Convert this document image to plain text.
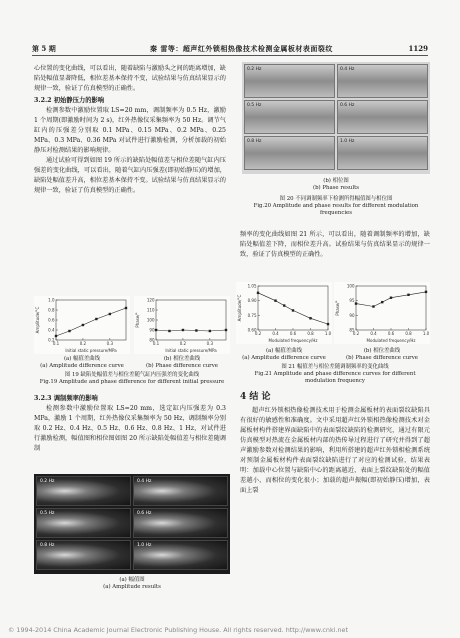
第 5 期	秦 雷等：超声红外锁相热像技术检测金属板材表面裂纹	1129

心位置的变化曲线，可以看出，随着缺陷与激励头之间的距离增加，缺陷处幅值显著降低，相位差基本保持不变，试验结果与仿真结果显示的规律一致，验证了仿真模型的正确性。

3.2.2 初始静压力的影响

检测参数中激励位置取 LS=20 mm，调制频率为 0.5 Hz，激励 1 个周期(即激励时间为 2 s)，红外热像仪采集频率为 50 Hz。调节气缸内的压强差分别取 0.1 MPa、0.15 MPa、0.2 MPa、0.25 MPa、0.3 MPa、0.36 MPa 对试件进行激励检测，分析加载的初始静压对检测结果的影响规律。

通过试验可得到如图 19 所示的缺陷处幅值差与相位差随气缸内压强差的变化曲线，可以看出，随着气缸内压强差(即初始静压)的增加，缺陷处幅值差升高，相位差基本保持不变。试验结果与仿真结果显示的规律一致，验证了仿真模型的正确性。

0.2
0.4
0.6
0.8
1.0
0.1	0.2	0.3
Initial static pressure/MPa
Amplitude/°C
80
90
100
110
120
0.1	0.2	0.3
Initial static pressure/MPa
Phase/°
(a) 幅值差曲线
(a) Amplitude difference curve
(b) 相位差曲线
(b) Phase difference curve
图 19 缺陷处幅值差与相位差随气缸内压强差的变化曲线
Fig.19 Amplitude and phase difference for different initial pressure

3.2.3 调制频率的影响

检测参数中激励位置取 LS=20 mm，选定缸内压强差为 0.3 MPa，激励 1 个周期，红外热像仪采集频率为 50 Hz，调制频率分别取 0.2 Hz、0.4 Hz、0.5 Hz、0.6 Hz、0.8 Hz、1 Hz，对试件进行激励检测，幅值图和相位图如图 20 所示缺陷处幅值差与相位差随调制

0.2 Hz	0.4 Hz
0.5 Hz	0.6 Hz
0.8 Hz	1.0 Hz
(a) 幅值图
(a) Amplitude results
0.2 Hz	0.4 Hz
0.5 Hz	0.6 Hz
0.8 Hz	1.0 Hz
(b) 相位图
(b) Phase results
图 20 不同调制频率下检测所得幅值图与相位图
Fig.20 Amplitude and phase results for different modulation frequencies

频率的变化曲线如图 21 所示，可以看出，随着调制频率的增加，缺陷处幅值差下降，而相位差升高。试验结果与仿真结果显示的规律一致，验证了仿真模型的正确性。

0.60
0.75
0.90
1.05
0.2	0.4	0.6	0.8	1.0
Modulated frequency/Hz
Amplitude/°C
85
90
95
100
0.2	0.4	0.6	0.8	1.0
Modulated frequency/Hz
Phase/°
(a) 幅值差曲线
(a) Amplitude difference curve
(b) 相位差曲线
(b) Phase difference curve
图 21 幅值差与相位差随调制频率的变化曲线
Fig.21 Amplitude and phase difference curves for different modulation frequency

4 结 论

超声红外锁相热像检测技术用于检测金属板材的表面裂纹缺陷具有很好的敏感性和准确度。文中采用超声红外锁相热像检测技术对金属板材构件搭建界面缺陷中的表面裂纹缺陷的检测研究，通过有限元仿真模型对热流在金属板材内部的热传导过程进行了研究并得到了超声激励参数对检测结果的影响，利用所搭建的超声红外锁相检测系统对预制金属板材构件表面裂纹缺陷进行了对应的检测试验，结果表明：加载中心位置与缺陷中心的距离越近，表面上裂纹缺陷处的幅值差越小，而相位的变化很小；加载的超声振幅(即初始静压)增加，表面上裂

© 1994-2014 China Academic Journal Electronic Publishing House. All rights reserved. http://www.cnki.net
